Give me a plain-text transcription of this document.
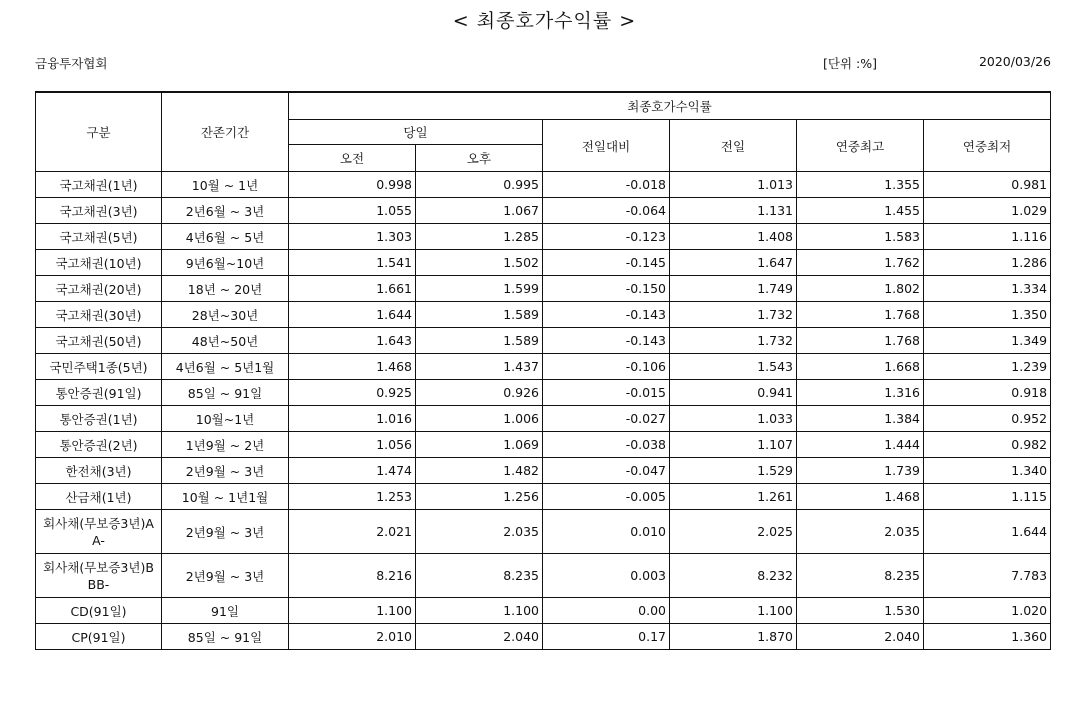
< 최종호가수익률 >
금융투자협회	[단위 :%]	2020/03/26
구분	잔존기간	최종호가수익률					
		당일		전일대비	전일	연중최고	연중최저
		오전	오후				
국고채권(1년)	10월 ~ 1년	0.998	0.995	-0.018	1.013	1.355	0.981
국고채권(3년)	2년6월 ~ 3년	1.055	1.067	-0.064	1.131	1.455	1.029
국고채권(5년)	4년6월 ~ 5년	1.303	1.285	-0.123	1.408	1.583	1.116
국고채권(10년)	9년6월~10년	1.541	1.502	-0.145	1.647	1.762	1.286
국고채권(20년)	18년 ~ 20년	1.661	1.599	-0.150	1.749	1.802	1.334
국고채권(30년)	28년~30년	1.644	1.589	-0.143	1.732	1.768	1.350
국고채권(50년)	48년~50년	1.643	1.589	-0.143	1.732	1.768	1.349
국민주택1종(5년)	4년6월 ~ 5년1월	1.468	1.437	-0.106	1.543	1.668	1.239
통안증권(91일)	85일 ~ 91일	0.925	0.926	-0.015	0.941	1.316	0.918
통안증권(1년)	10월~1년	1.016	1.006	-0.027	1.033	1.384	0.952
통안증권(2년)	1년9월 ~ 2년	1.056	1.069	-0.038	1.107	1.444	0.982
한전채(3년)	2년9월 ~ 3년	1.474	1.482	-0.047	1.529	1.739	1.340
산금채(1년)	10월 ~ 1년1월	1.253	1.256	-0.005	1.261	1.468	1.115
회사채(무보증3년)AA-	2년9월 ~ 3년	2.021	2.035	0.010	2.025	2.035	1.644
회사채(무보증3년)BBB-	2년9월 ~ 3년	8.216	8.235	0.003	8.232	8.235	7.783
CD(91일)	91일	1.100	1.100	0.00	1.100	1.530	1.020
CP(91일)	85일 ~ 91일	2.010	2.040	0.17	1.870	2.040	1.360
